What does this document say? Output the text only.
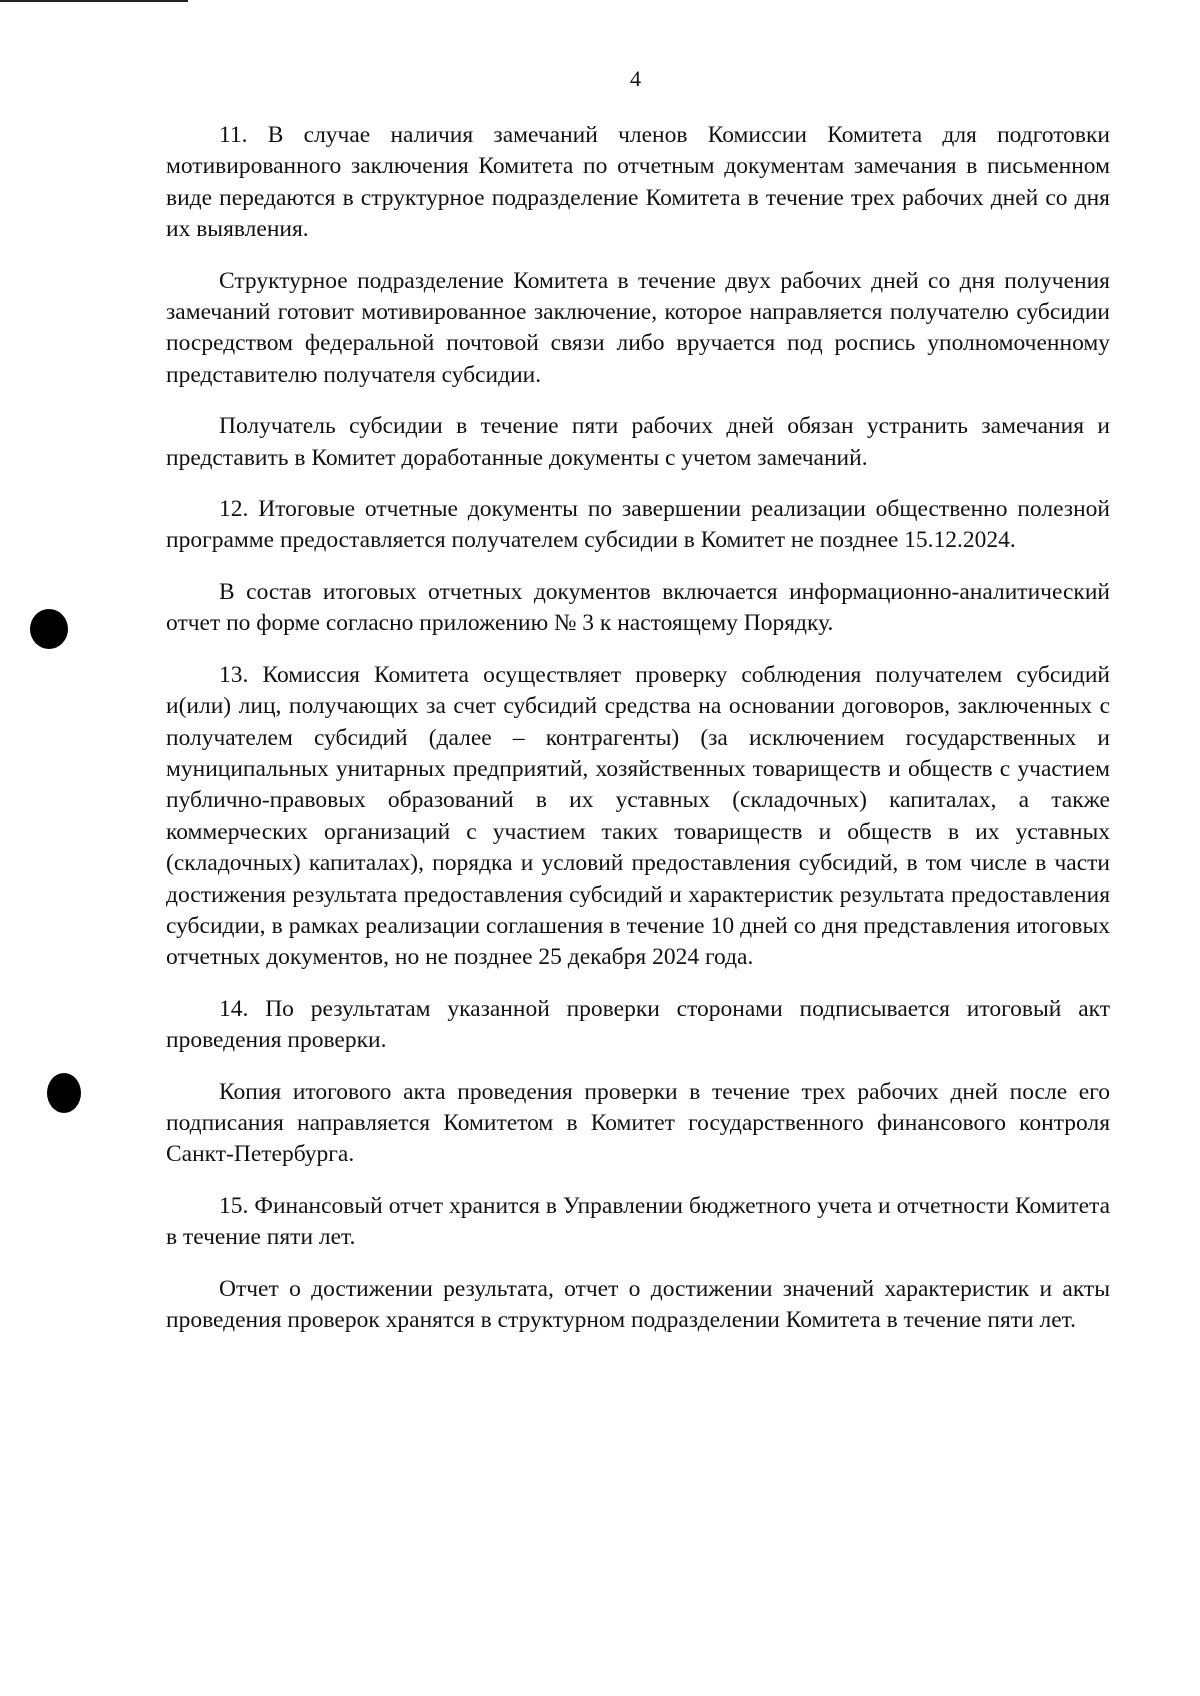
4

11. В случае наличия замечаний членов Комиссии Комитета для подготовки мотивированного заключения Комитета по отчетным документам замечания в письменном виде передаются в структурное подразделение Комитета в течение трех рабочих дней со дня их выявления.

Структурное подразделение Комитета в течение двух рабочих дней со дня получения замечаний готовит мотивированное заключение, которое направляется получателю субсидии посредством федеральной почтовой связи либо вручается под роспись уполномоченному представителю получателя субсидии.

Получатель субсидии в течение пяти рабочих дней обязан устранить замечания и представить в Комитет доработанные документы с учетом замечаний.

12. Итоговые отчетные документы по завершении реализации общественно полезной программе предоставляется получателем субсидии в Комитет не позднее 15.12.2024.

В состав итоговых отчетных документов включается информационно-аналитический отчет по форме согласно приложению № 3 к настоящему Порядку.

13. Комиссия Комитета осуществляет проверку соблюдения получателем субсидий и(или) лиц, получающих за счет субсидий средства на основании договоров, заключенных с получателем субсидий (далее – контрагенты) (за исключением государственных и муниципальных унитарных предприятий, хозяйственных товариществ и обществ с участием публично-правовых образований в их уставных (складочных) капиталах, а также коммерческих организаций с участием таких товариществ и обществ в их уставных (складочных) капиталах), порядка и условий предоставления субсидий, в том числе в части достижения результата предоставления субсидий и характеристик результата предоставления субсидии, в рамках реализации соглашения в течение 10 дней со дня представления итоговых отчетных документов, но не позднее 25 декабря 2024 года.

14. По результатам указанной проверки сторонами подписывается итоговый акт проведения проверки.

Копия итогового акта проведения проверки в течение трех рабочих дней после его подписания направляется Комитетом в Комитет государственного финансового контроля Санкт-Петербурга.

15. Финансовый отчет хранится в Управлении бюджетного учета и отчетности Комитета в течение пяти лет.

Отчет о достижении результата, отчет о достижении значений характеристик и акты проведения проверок хранятся в структурном подразделении Комитета в течение пяти лет.
